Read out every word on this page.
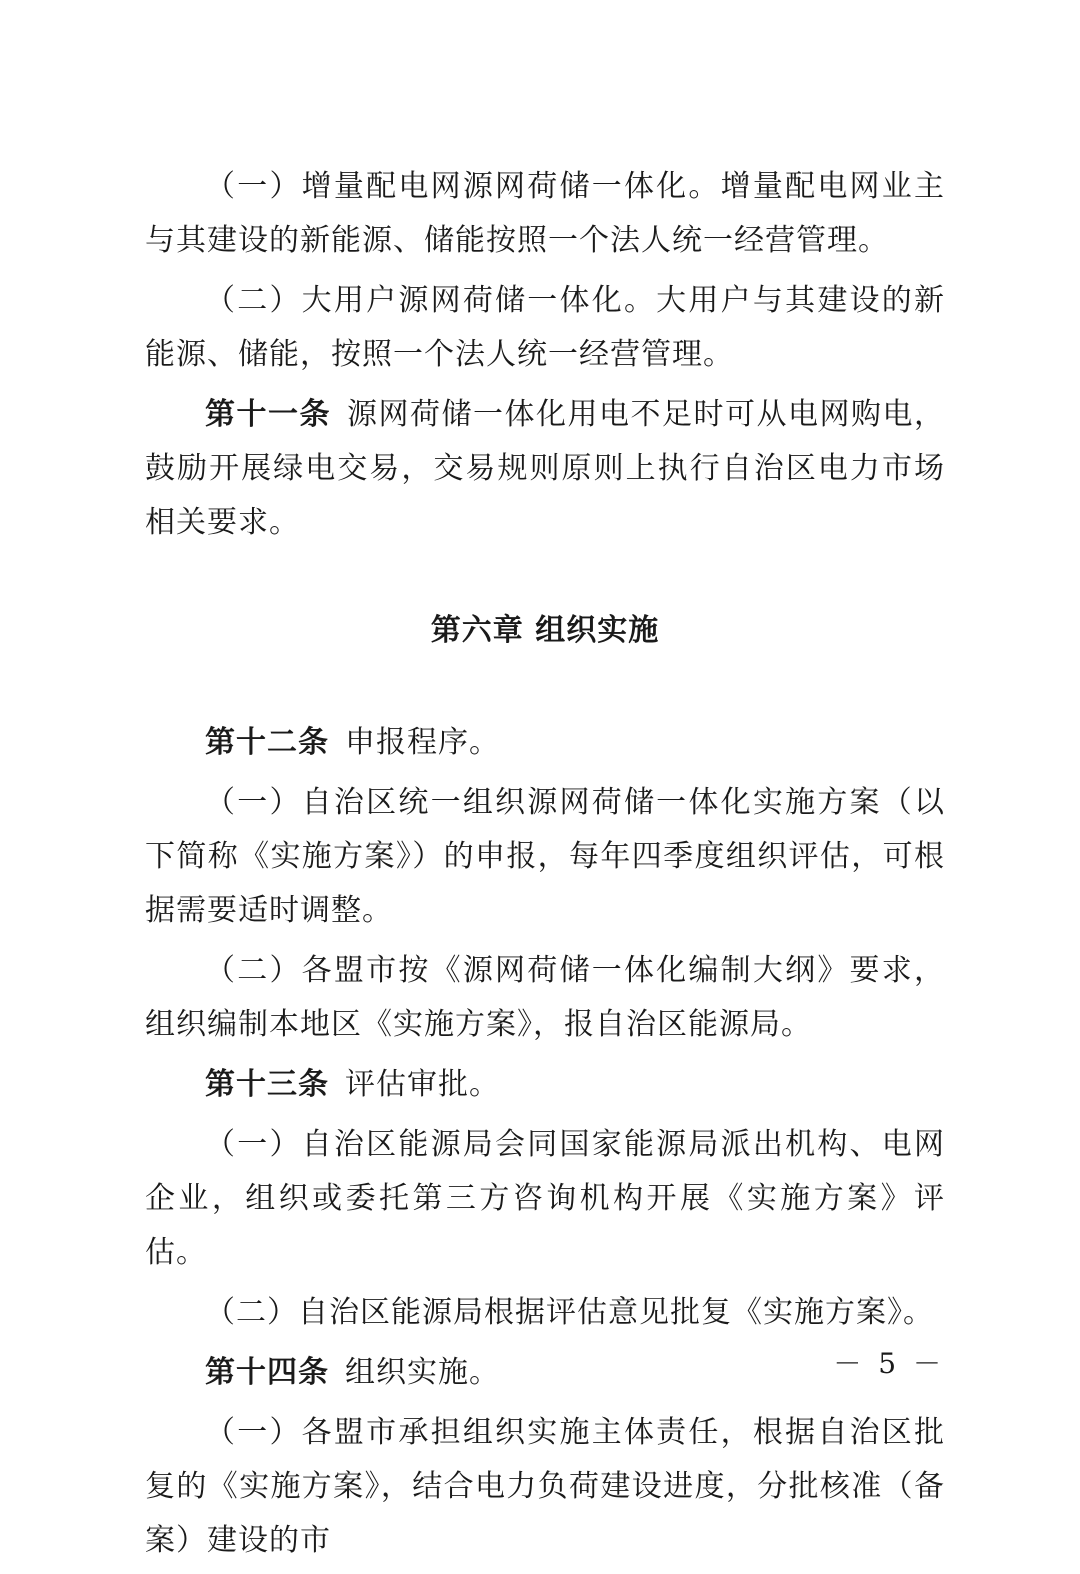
（一）增量配电网源网荷储一体化。增量配电网业主与其建设的新能源、储能按照一个法人统一经营管理。

（二）大用户源网荷储一体化。大用户与其建设的新能源、储能，按照一个法人统一经营管理。

第十一条 源网荷储一体化用电不足时可从电网购电，鼓励开展绿电交易，交易规则原则上执行自治区电力市场相关要求。

第六章 组织实施

第十二条 申报程序。

（一）自治区统一组织源网荷储一体化实施方案（以下简称《实施方案》）的申报，每年四季度组织评估，可根据需要适时调整。

（二）各盟市按《源网荷储一体化编制大纲》要求，组织编制本地区《实施方案》，报自治区能源局。

第十三条 评估审批。

（一）自治区能源局会同国家能源局派出机构、电网企业，组织或委托第三方咨询机构开展《实施方案》评估。

（二）自治区能源局根据评估意见批复《实施方案》。

第十四条 组织实施。

（一）各盟市承担组织实施主体责任，根据自治区批复的《实施方案》，结合电力负荷建设进度，分批核准（备案）建设的市

－ 5 －
